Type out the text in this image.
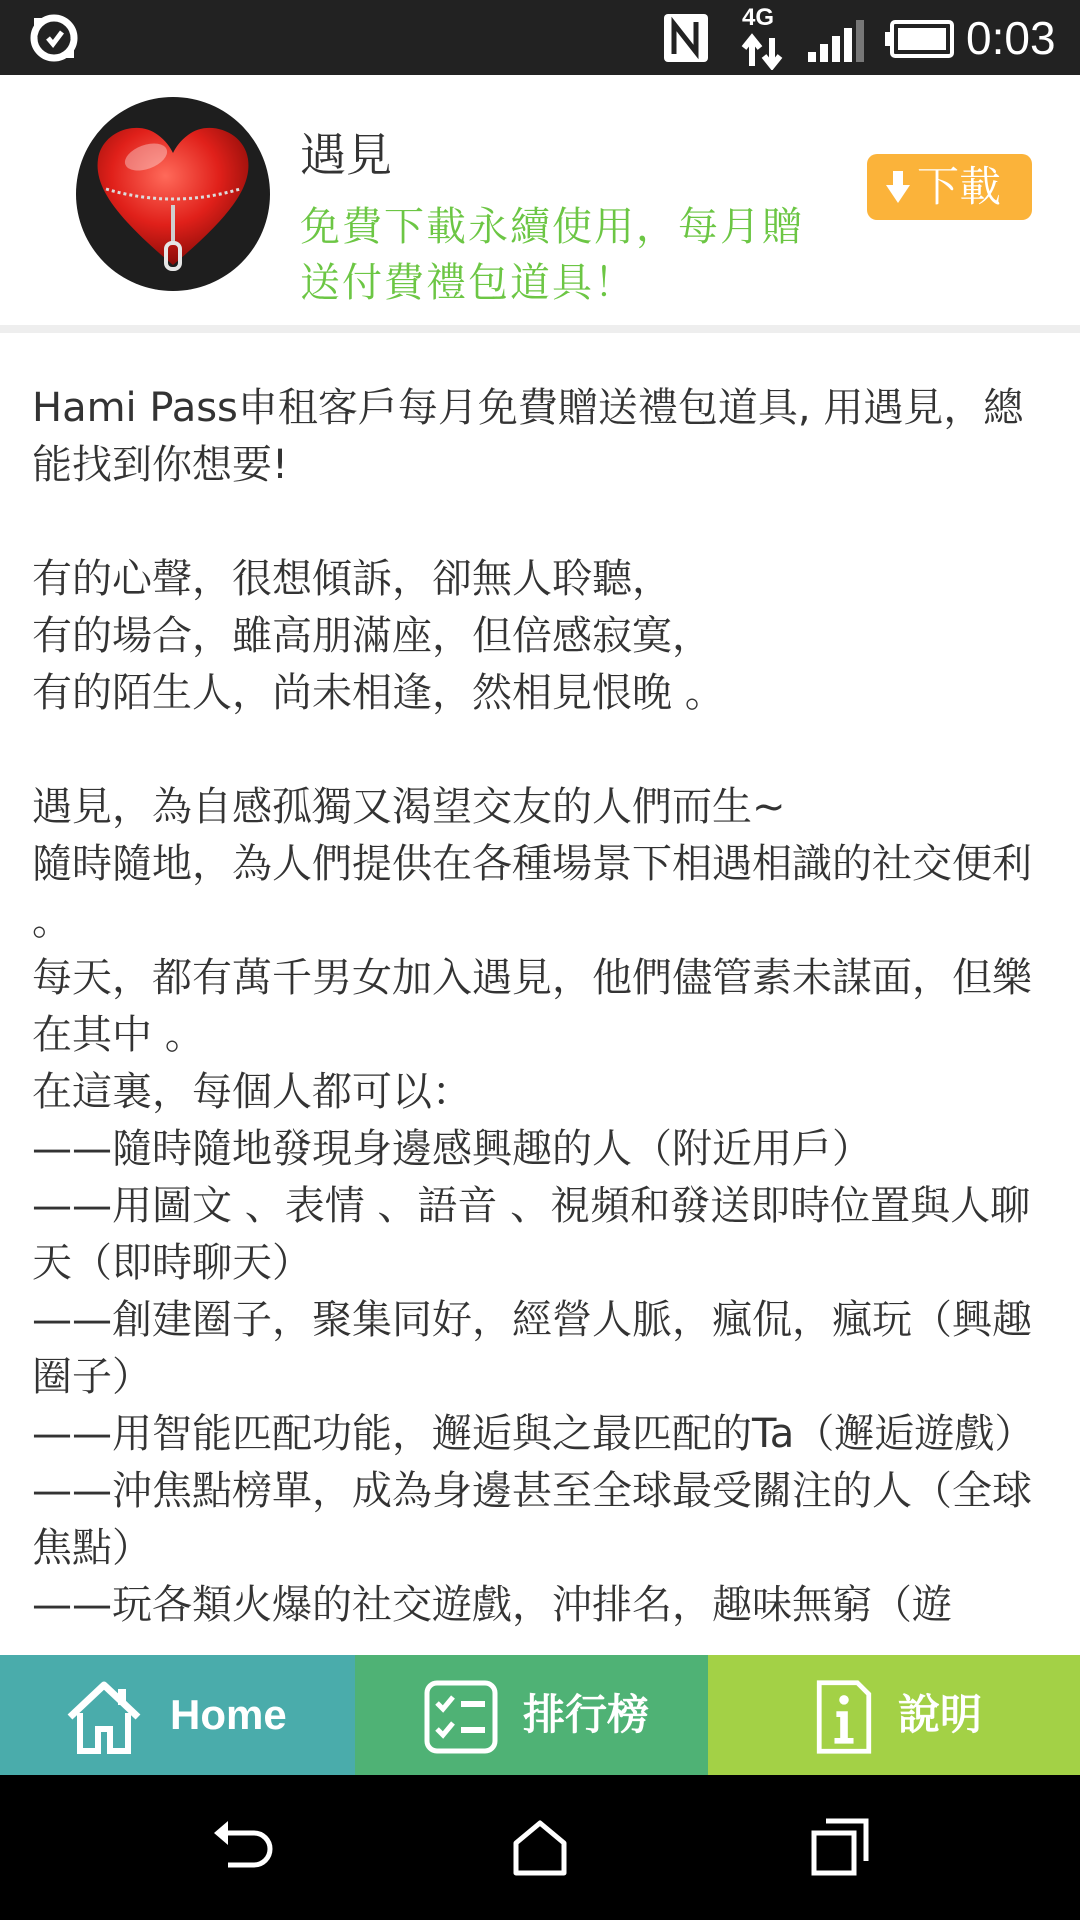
4G	0:03
遇見
免費下載永續使用，每月贈送付費禮包道具！
下載

Hami Pass申租客戶每月免費贈送禮包道具, 用遇見，總能找到你想要!

有的心聲，很想傾訴，卻無人聆聽，
有的場合，雖高朋滿座，但倍感寂寞，
有的陌生人，尚未相逢，然相見恨晚 。

遇見，為自感孤獨又渴望交友的人們而生~
隨時隨地，為人們提供在各種場景下相遇相識的社交便利 。
每天，都有萬千男女加入遇見，他們儘管素未謀面，但樂在其中 。
在這裏，每個人都可以：
——隨時隨地發現身邊感興趣的人（附近用戶）
——用圖文 、表情 、語音 、視頻和發送即時位置與人聊天（即時聊天）
——創建圈子，聚集同好，經營人脈，瘋侃，瘋玩（興趣圈子）
——用智能匹配功能，邂逅與之最匹配的Ta（邂逅遊戲）
——沖焦點榜單，成為身邊甚至全球最受關注的人（全球焦點）
——玩各類火爆的社交遊戲，沖排名，趣味無窮（遊

Home	排行榜	說明
